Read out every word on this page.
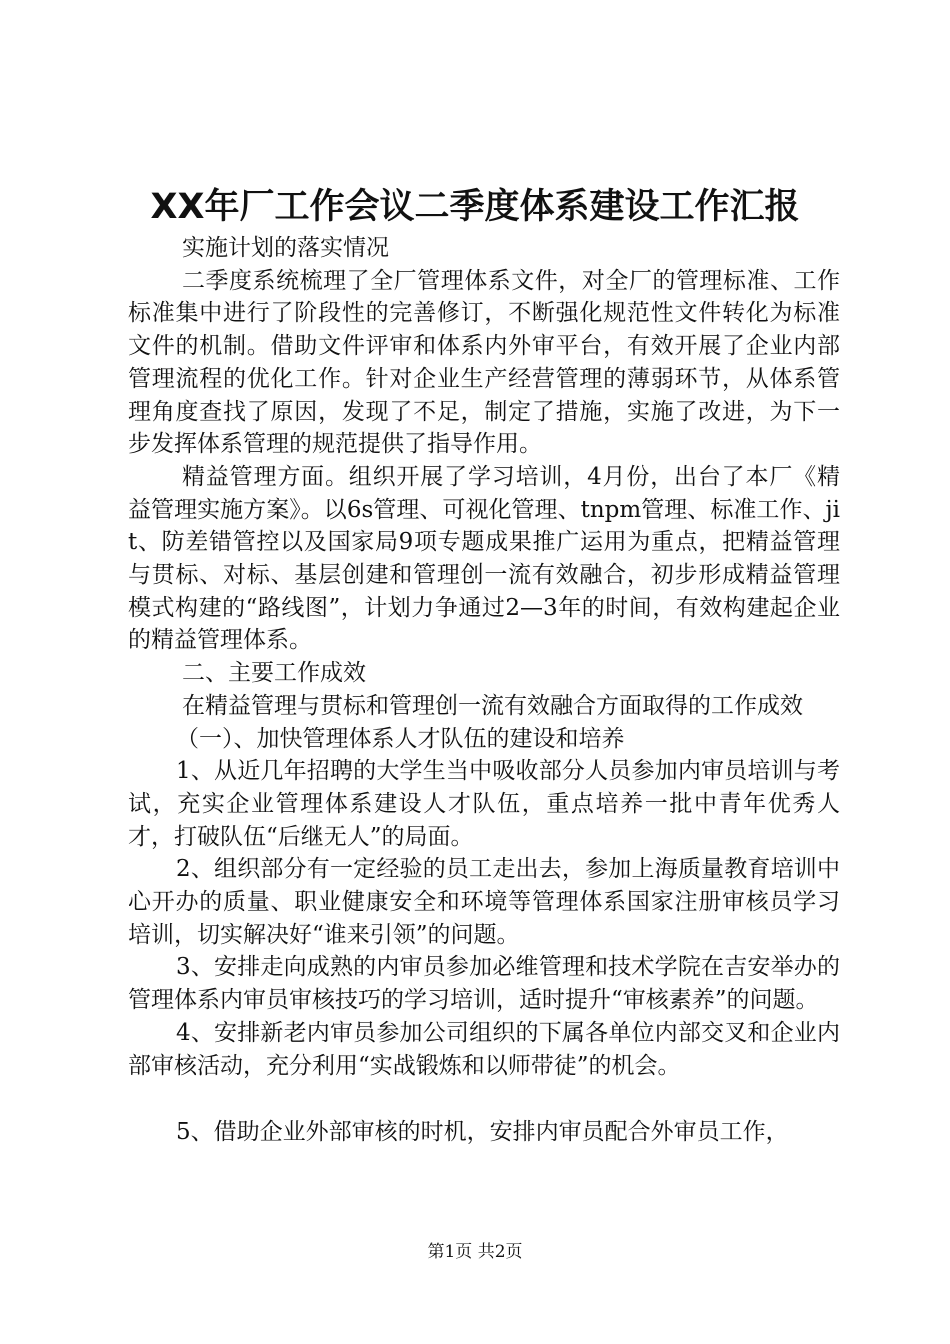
XX年厂工作会议二季度体系建设工作汇报

实施计划的落实情况

二季度系统梳理了全厂管理体系文件，对全厂的管理标准、工作标准集中进行了阶段性的完善修订，不断强化规范性文件转化为标准文件的机制。借助文件评审和体系内外审平台，有效开展了企业内部管理流程的优化工作。针对企业生产经营管理的薄弱环节，从体系管理角度查找了原因，发现了不足，制定了措施，实施了改进，为下一步发挥体系管理的规范提供了指导作用。

精益管理方面。组织开展了学习培训，4月份，出台了本厂《精益管理实施方案》。以6s管理、可视化管理、tnpm管理、标准工作、jit、防差错管控以及国家局9项专题成果推广运用为重点，把精益管理与贯标、对标、基层创建和管理创一流有效融合，初步形成精益管理模式构建的“路线图”，计划力争通过2—3年的时间，有效构建起企业的精益管理体系。

二、主要工作成效

在精益管理与贯标和管理创一流有效融合方面取得的工作成效

（一）、加快管理体系人才队伍的建设和培养

1、从近几年招聘的大学生当中吸收部分人员参加内审员培训与考试，充实企业管理体系建设人才队伍，重点培养一批中青年优秀人才，打破队伍“后继无人”的局面。

2、组织部分有一定经验的员工走出去，参加上海质量教育培训中心开办的质量、职业健康安全和环境等管理体系国家注册审核员学习培训，切实解决好“谁来引领”的问题。

3、安排走向成熟的内审员参加必维管理和技术学院在吉安举办的管理体系内审员审核技巧的学习培训，适时提升“审核素养”的问题。

4、安排新老内审员参加公司组织的下属各单位内部交叉和企业内部审核活动，充分利用“实战锻炼和以师带徒”的机会。

5、借助企业外部审核的时机，安排内审员配合外审员工作，

第1页 共2页
